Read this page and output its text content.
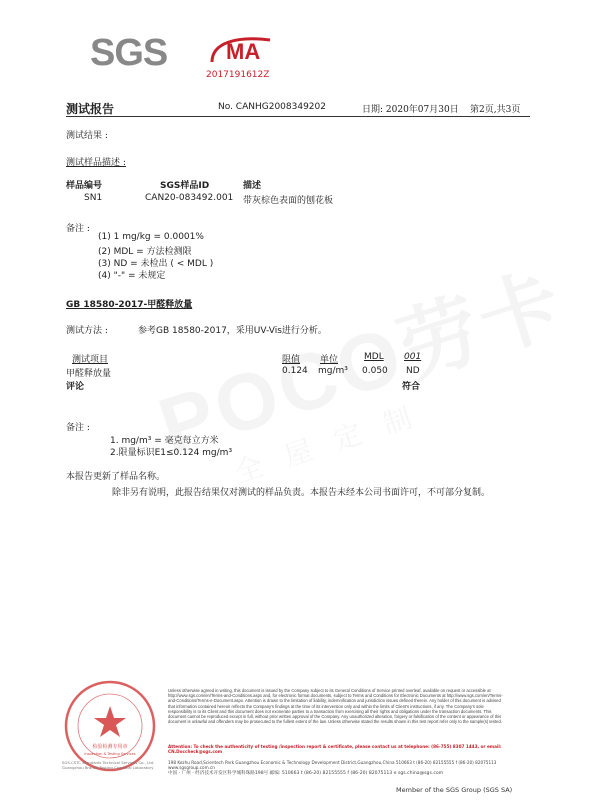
SGS	MA
2017191612Z
测试报告	No. CANHG2008349202	日期: 2020年07月30日 第2页,共3页
测试结果 :
测试样品描述 :
样品编号	SGS样品ID	描述
SN1	CAN20-083492.001 带灰棕色表面的刨花板
备注 :
(1) 1 mg/kg = 0.0001%
(2) MDL = 方法检测限
(3) ND = 未检出 ( < MDL )
(4) "-" = 未规定
GB 18580-2017-甲醛释放量
测试方法 :	参考GB 18580-2017，采用UV-Vis进行分析。
测试项目	限值 单位	MDL 001
甲醛释放量	0.124 mg/m³ 0.050 ND
评论	符合
备注 :
1. mg/m³ = 毫克每立方米
2.限量标识E1≤0.124 mg/m³
本报告更新了样品名称。
除非另有说明，此报告结果仅对测试的样品负责。本报告未经本公司书面许可，不可部分复制。
检验检测专用章
Inspection & Testing Services
SGS-CSTC Standards Technical Services Co., Ltd. Guangzhou Branch Testing Chemical Laboratory
Unless otherwise agreed in writing, this document is issued by the Company subject to its General Conditions of Service printed overleaf, available on request or accessible at http://www.sgs.com/en/Terms-and-Conditions.aspx and, for electronic format documents, subject to Terms and Conditions for Electronic Documents at http://www.sgs.com/en/Terms-and-Conditions/Terms-e-Document.aspx. Attention is drawn to the limitation of liability, indemnification and jurisdiction issues defined therein. Any holder of this document is advised that information contained hereon reflects the Company's findings at the time of its intervention only and within the limits of Client's instructions, if any. The Company's sole responsibility is to its Client and this document does not exonerate parties to a transaction from exercising all their rights and obligations under the transaction documents. This document cannot be reproduced except in full, without prior written approval of the Company. Any unauthorized alteration, forgery or falsification of the content or appearance of this document is unlawful and offenders may be prosecuted to the fullest extent of the law. Unless otherwise stated the results shown in this test report refer only to the sample(s) tested.
Attention: To check the authenticity of testing /inspection report & certificate, please contact us at telephone: (86-755) 8307 1443, or email: CN.Doccheck@sgs.com
198 Kezhu Road,Scientech Park Guangzhou Economic & Technology Development District,Guangzhou,China 510663 t (86-20) 82155555 f (86-20) 82075113 www.sgsgroup.com.cn
中国 · 广州 · 经济技术开发区科学城科珠路198号 邮编: 510663 t (86-20) 82155555 f (86-20) 82075113 e sgs.china@sgs.com
Member of the SGS Group (SGS SA)
